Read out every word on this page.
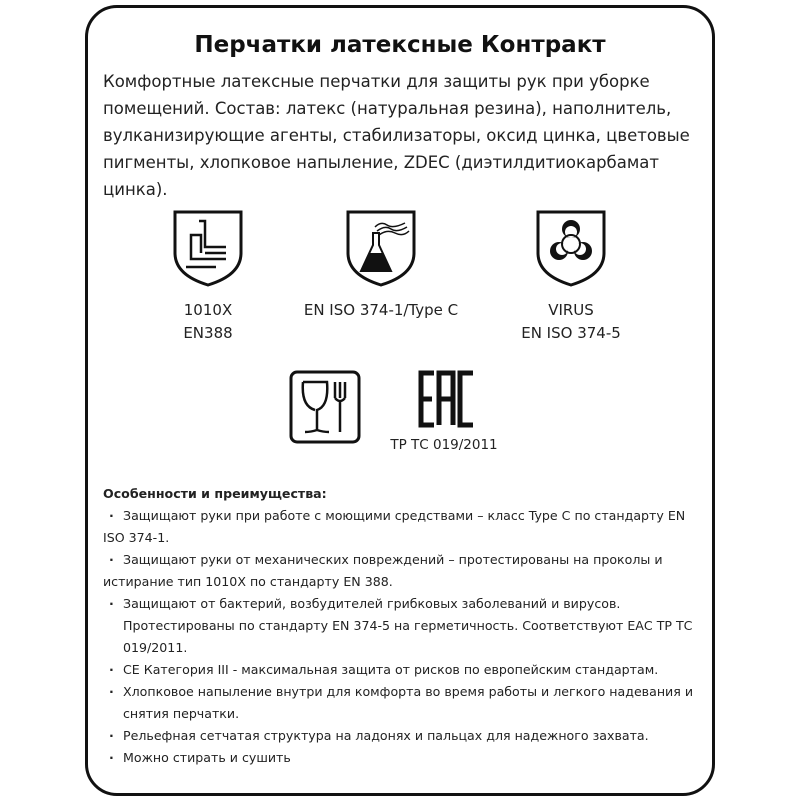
Перчатки латексные Контракт
Комфортные латексные перчатки для защиты рук при уборке помещений. Состав: латекс (натуральная резина), наполнитель, вулканизирующие агенты, стабилизаторы, оксид цинка, цветовые пигменты, хлопковое напыление, ZDEC (диэтилдитиокарбамат цинка).
1010X
EN388
EN ISO 374-1/Type C	VIRUS
EN ISO 374-5
ТР ТС 019/2011
Особенности и преимущества:
· Защищают руки при работе с моющими средствами – класс Type C по стандарту EN ISO 374-1.
· Защищают руки от механических повреждений – протестированы на проколы и истирание тип 1010X по стандарту EN 388.
· Защищают от бактерий, возбудителей грибковых заболеваний и вирусов. Протестированы по стандарту EN 374-5 на герметичность. Соответствуют ЕАС ТР ТС 019/2011.
· CE Категория III - максимальная защита от рисков по европейским стандартам.
· Хлопковое напыление внутри для комфорта во время работы и легкого надевания и снятия перчатки.
· Рельефная сетчатая структура на ладонях и пальцах для надежного захвата.
· Можно стирать и сушить
